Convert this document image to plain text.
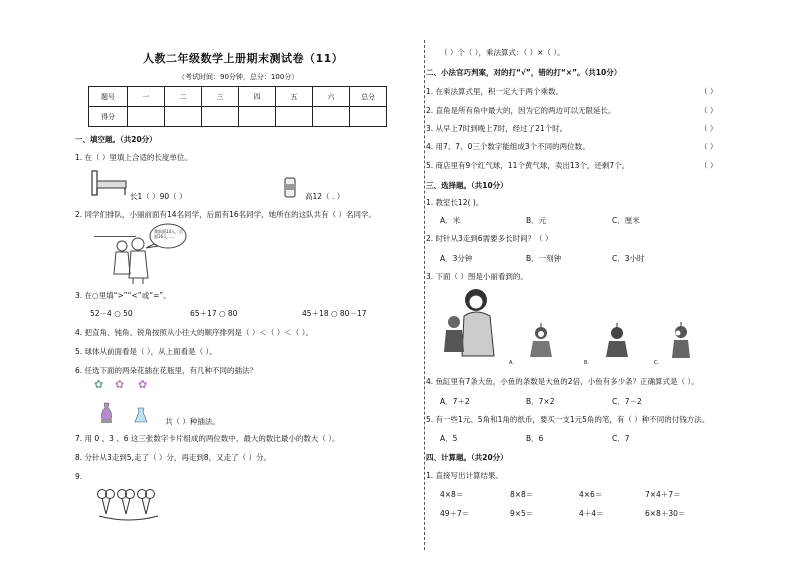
人教二年级数学上册期末测试卷（11）
（考试时间：90分钟，总分：100分）
题号	一	二	三	四	五	六	总分
得分							
一、填空题。（共20分）
1. 在（ ）里填上合适的长度单位。
长1（ ）90（ ）	高12（ . ）
2. 同学们排队，小丽前面有14名同学，后面有16名同学，她所在的这队共有（ ）名同学。
我前面14人，后面16人……
3. 在○里填“>”“<”或“=”。
52－4 ○ 50	65＋17 ○ 80	45＋18 ○ 80－17
4. 把直角、钝角、锐角按照从小往大的顺序排列是（ ）＜（ ）＜（ ）。
5. 球体从前面看是（ ），从上面看是（ ）。
6. 任选下面的两朵花插在花瓶里，有几种不同的插法？
✿ ✿ ✿
共（ ）种插法。
7. 用 0 、3 、6 这三张数字卡片组成的两位数中，最大的数比最小的数大（ ）。
8. 分针从3走到5,走了（ ）分，再走到8，又走了（ ）分。
9.
（ ）个（ ），乘法算式：（ ）×（ ）。
二、小法官巧判案，对的打“√”，错的打“×”。（共10分）
1. 在乘法算式里，积一定大于两个乘数。	（ ）
2. 直角是所有角中最大的，因为它的两边可以无限延长。	（ ）
3. 从早上7时到晚上7时，经过了21个时。	（ ）
4. 用7、7、0三个数字能组成3个不同的两位数。	（ ）
5. 商店里有9个红气球，11个黄气球，卖出13个，还剩7个。	（ ）
三、选择题。（共10分）
1. 教室长12( )。
A．米	B．元	C．厘米
2. 时针从3走到6需要多长时间？（ ）
A．3分钟	B．一刻钟	C．3小时
3. 下面（ ）图是小丽看到的。
A.	B.	C.
4. 鱼缸里有7条大鱼，小鱼的条数是大鱼的2倍，小鱼有多少条？正确算式是（ ）。
A．7＋2	B．7×2	C．7－2
5. 有一些1元、5角和1角的纸币，要买一支1元5角的笔，有（ ）种不同的付钱方法。
A．5	B．6	C．7
四、计算题。（共20分）
1. 直接写出计算结果。
4×8＝	8×8＝	4×6＝	7×4＋7＝
49＋7＝	9×5＝	4＋4＝	6×8＋30＝
